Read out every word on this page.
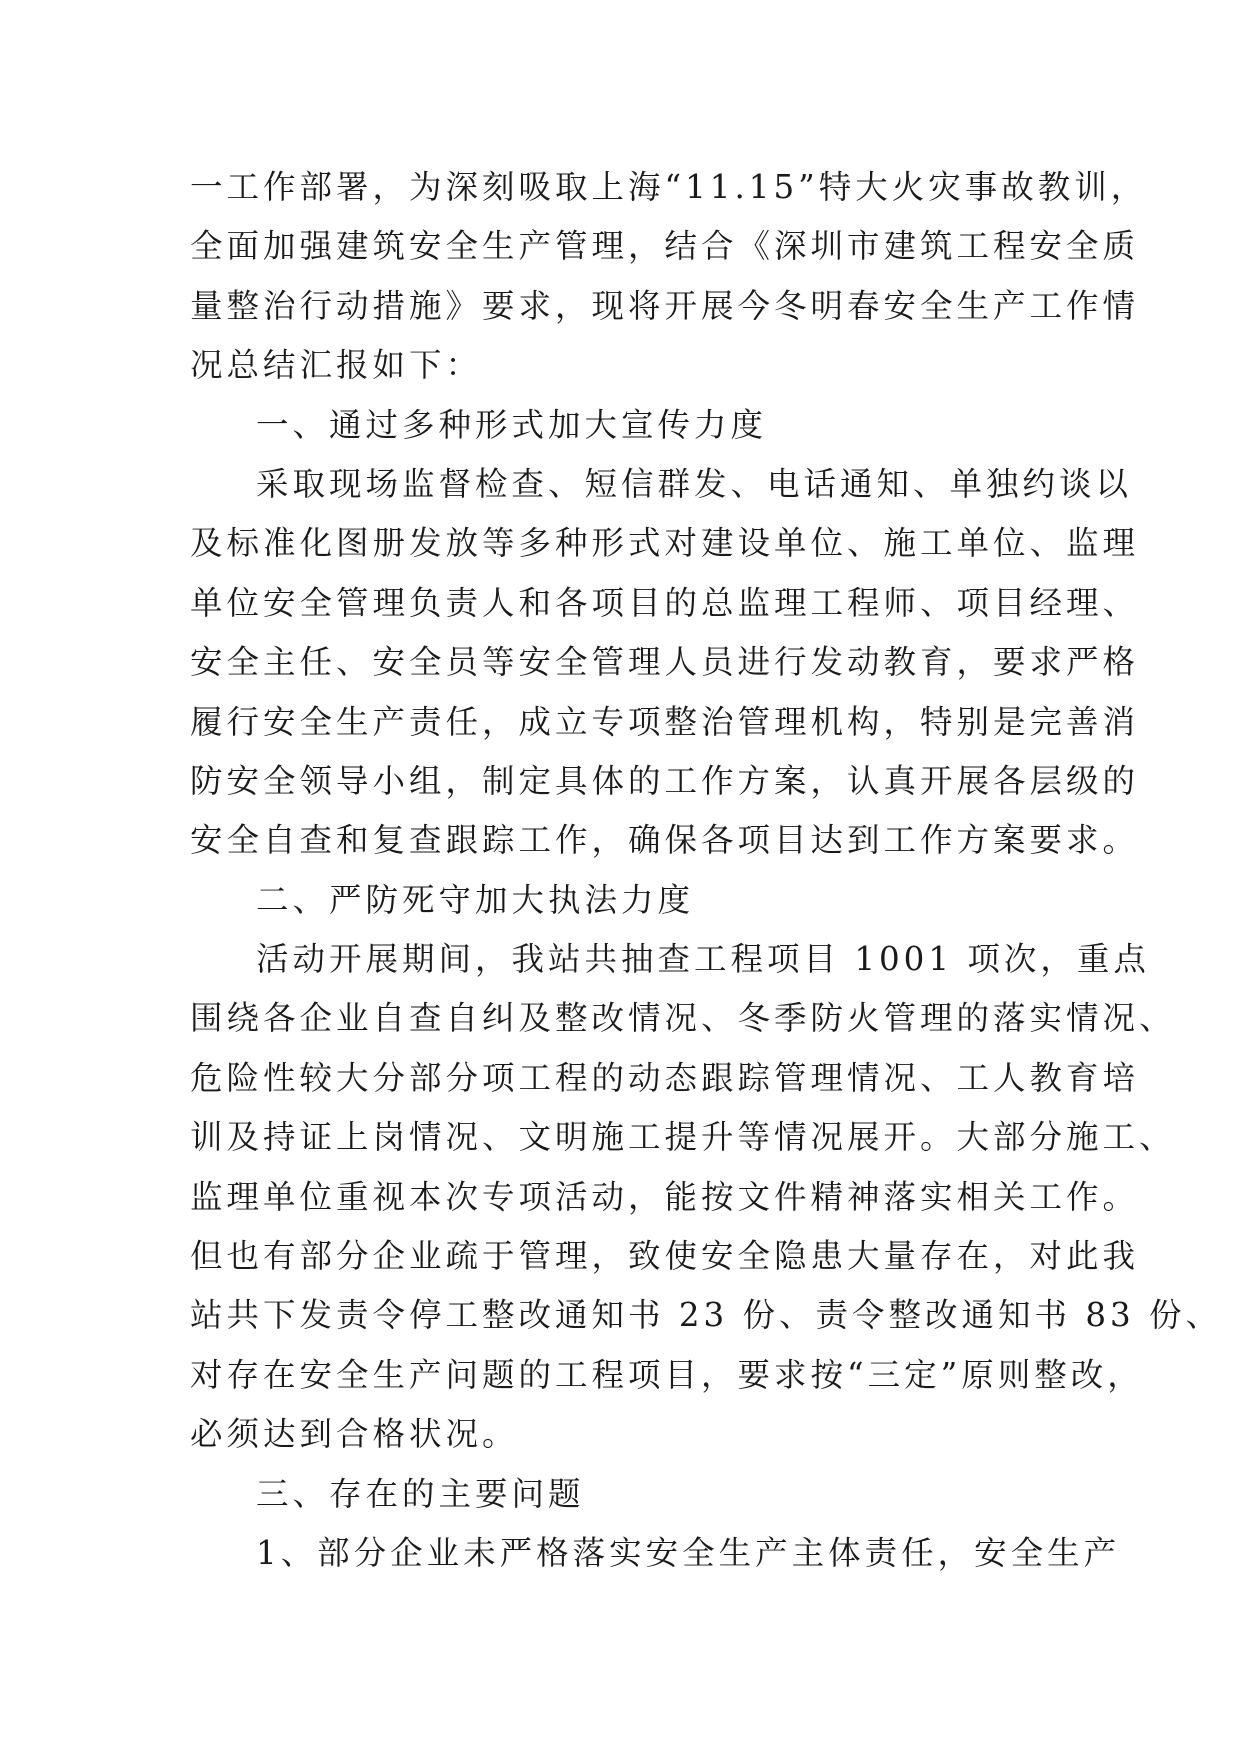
一工作部署，为深刻吸取上海“11.15”特大火灾事故教训，
全面加强建筑安全生产管理，结合《深圳市建筑工程安全质
量整治行动措施》要求，现将开展今冬明春安全生产工作情
况总结汇报如下：
一、通过多种形式加大宣传力度
采取现场监督检查、短信群发、电话通知、单独约谈以
及标准化图册发放等多种形式对建设单位、施工单位、监理
单位安全管理负责人和各项目的总监理工程师、项目经理、
安全主任、安全员等安全管理人员进行发动教育，要求严格
履行安全生产责任，成立专项整治管理机构，特别是完善消
防安全领导小组，制定具体的工作方案，认真开展各层级的
安全自查和复查跟踪工作，确保各项目达到工作方案要求。
二、严防死守加大执法力度
活动开展期间，我站共抽查工程项目 1001 项次，重点
围绕各企业自查自纠及整改情况、冬季防火管理的落实情况、
危险性较大分部分项工程的动态跟踪管理情况、工人教育培
训及持证上岗情况、文明施工提升等情况展开。大部分施工、
监理单位重视本次专项活动，能按文件精神落实相关工作。
但也有部分企业疏于管理，致使安全隐患大量存在，对此我
站共下发责令停工整改通知书 23 份、责令整改通知书 83 份、
对存在安全生产问题的工程项目，要求按“三定”原则整改，
必须达到合格状况。
三、存在的主要问题
1、部分企业未严格落实安全生产主体责任，安全生产
